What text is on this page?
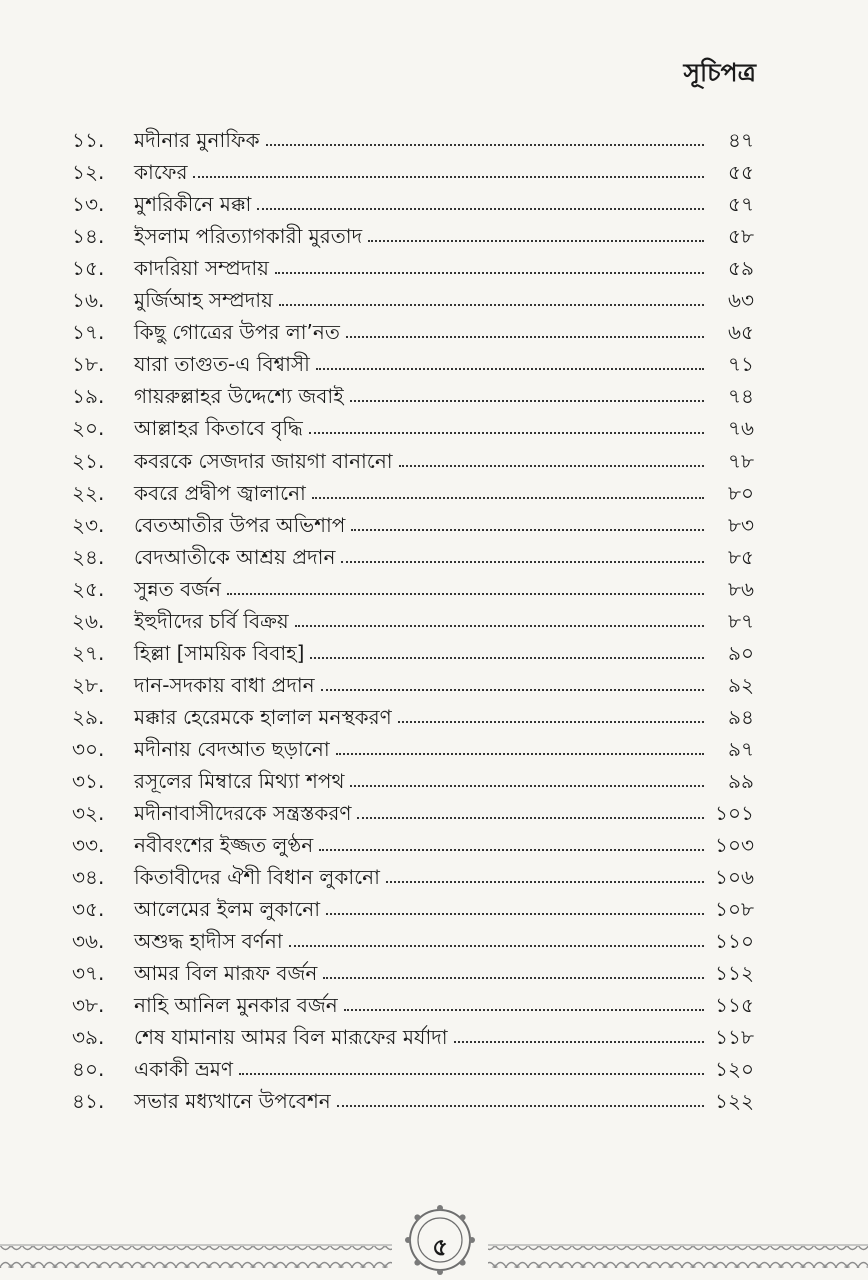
সূচিপত্র
১১.	মদীনার মুনাফিক	৪৭
১২.	কাফের	৫৫
১৩.	মুশরিকীনে মক্কা	৫৭
১৪.	ইসলাম পরিত্যাগকারী মুরতাদ	৫৮
১৫.	কাদরিয়া সম্প্রদায়	৫৯
১৬.	মুর্জিআহ সম্প্রদায়	৬৩
১৭.	কিছু গোত্রের উপর লা’নত	৬৫
১৮.	যারা তাগুত-এ বিশ্বাসী	৭১
১৯.	গায়রুল্লাহর উদ্দেশ্যে জবাই	৭৪
২০.	আল্লাহর কিতাবে বৃদ্ধি	৭৬
২১.	কবরকে সেজদার জায়গা বানানো	৭৮
২২.	কবরে প্রদ্বীপ জ্বালানো	৮০
২৩.	বেতআতীর উপর অভিশাপ	৮৩
২৪.	বেদআতীকে আশ্রয় প্রদান	৮৫
২৫.	সুন্নত বর্জন	৮৬
২৬.	ইহুদীদের চর্বি বিক্রয়	৮৭
২৭.	হিল্লা [সাময়িক বিবাহ]	৯০
২৮.	দান-সদকায় বাধা প্রদান	৯২
২৯.	মক্কার হেরেমকে হালাল মনস্থকরণ	৯৪
৩০.	মদীনায় বেদআত ছড়ানো	৯৭
৩১.	রসূলের মিম্বারে মিথ্যা শপথ	৯৯
৩২.	মদীনাবাসীদেরকে সন্ত্রস্তকরণ	১০১
৩৩.	নবীবংশের ইজ্জত লুণ্ঠন	১০৩
৩৪.	কিতাবীদের ঐশী বিধান লুকানো	১০৬
৩৫.	আলেমের ইলম লুকানো	১০৮
৩৬.	অশুদ্ধ হাদীস বর্ণনা	১১০
৩৭.	আমর বিল মারূফ বর্জন	১১২
৩৮.	নাহি আনিল মুনকার বর্জন	১১৫
৩৯.	শেষ যামানায় আমর বিল মারূফের মর্যাদা	১১৮
৪০.	একাকী ভ্রমণ	১২০
৪১.	সভার মধ্যখানে উপবেশন	১২২
৫
